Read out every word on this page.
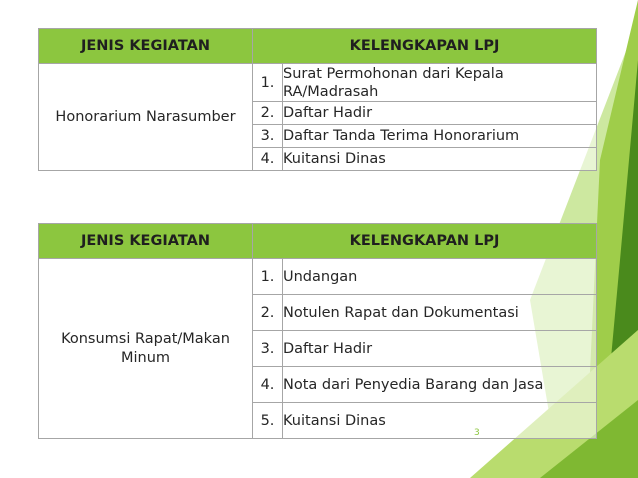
JENIS KEGIATAN	KELENGKAPAN LPJ	
Honorarium Narasumber	1.	Surat Permohonan dari Kepala RA/Madrasah
	2.	Daftar Hadir
	3.	Daftar Tanda Terima Honorarium
	4.	Kuitansi Dinas
JENIS KEGIATAN	KELENGKAPAN LPJ	
Konsumsi Rapat/Makan Minum	1.	Undangan
	2.	Notulen Rapat dan Dokumentasi
	3.	Daftar Hadir
	4.	Nota dari Penyedia Barang dan Jasa
	5.	Kuitansi Dinas
3
